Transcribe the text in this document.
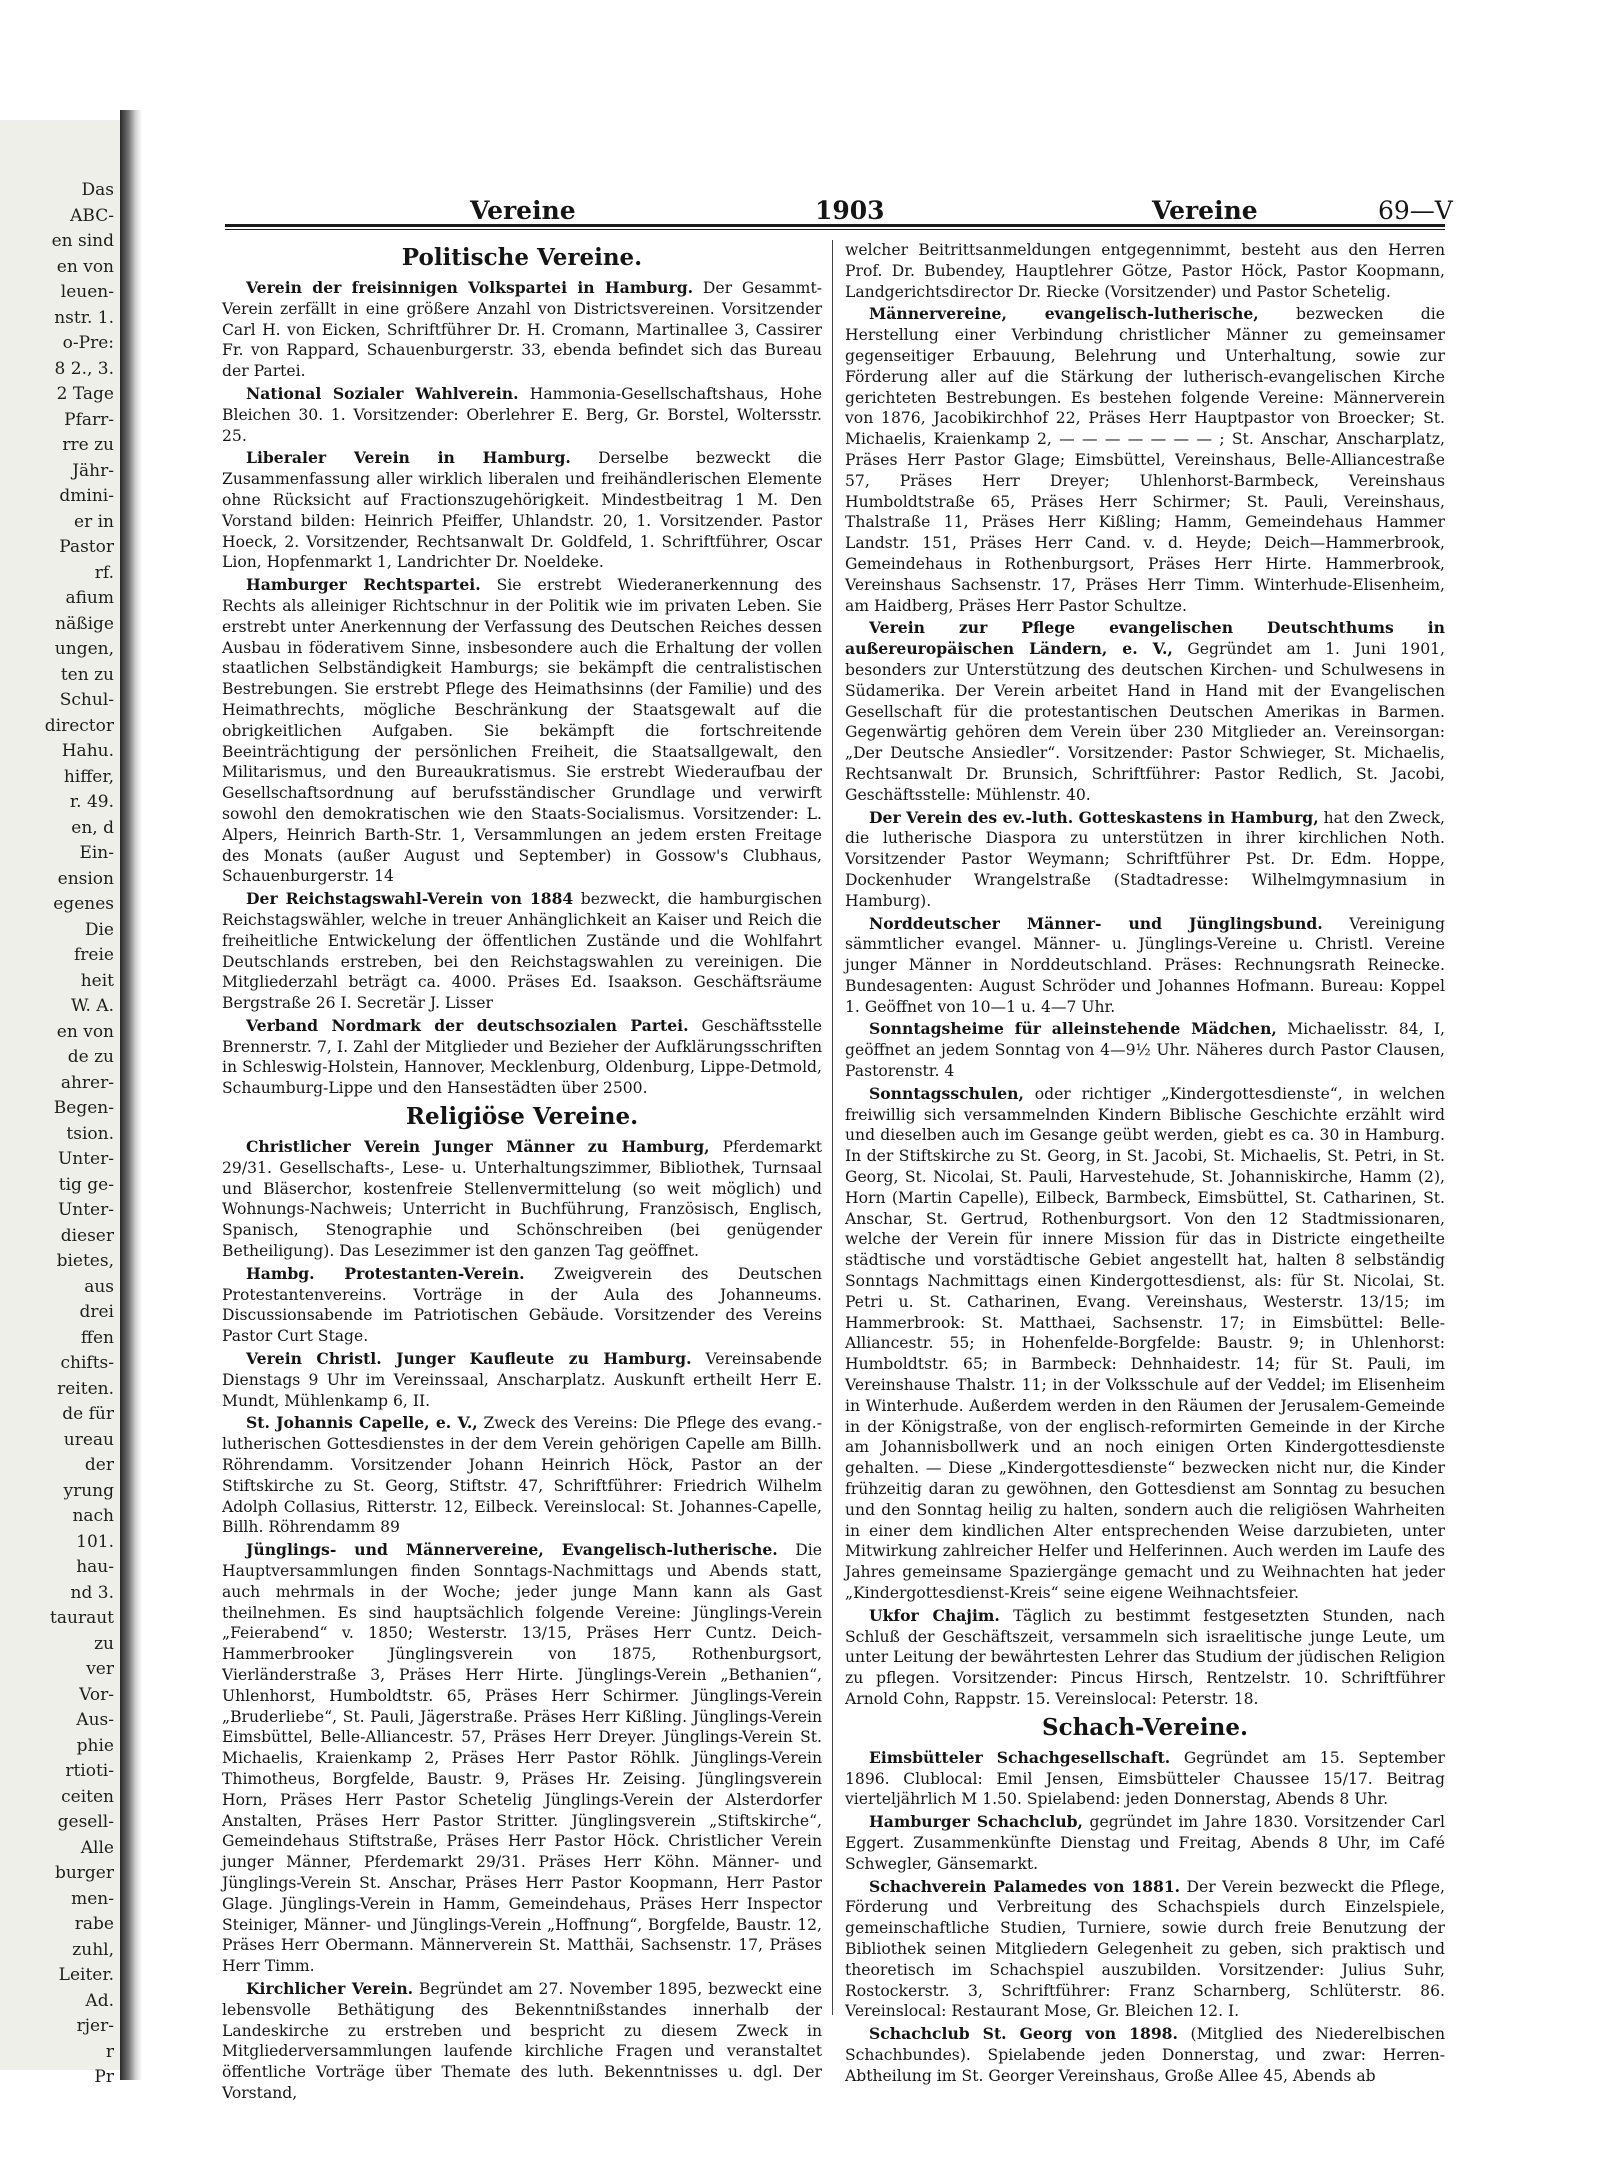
Das
ABC-
en sind
en von
leuen-
nstr. 1.
o-Pre:
8 2., 3.
2 Tage
Pfarr-
rre zu
Jähr-
dmini-
er in
Pastor
rf.
afium
näßige
ungen,
ten zu
Schul-
director
Hahu.
hiffer,
r. 49.
en, d
Ein-
ension
egenes
Die
freie
heit
W. A.
en von
de zu
ahrer-
Begen-
tsion.
Unter-
tig ge-
Unter-
dieser
bietes,
aus
drei
ffen
chifts-
reiten.
de für
ureau
der
yrung
nach
101.
hau-
nd 3.
tauraut
zu
ver
Vor-
Aus-
phie
rtioti-
ceiten
gesell-
Alle
burger
men-
rabe
zuhl,
Leiter.
Ad.
rjer-
r
Pr
Vereine	1903	Vereine	69—V

Politische Vereine.

Verein der freisinnigen Volkspartei in Hamburg. Der Gesammt-Verein zerfällt in eine größere Anzahl von Districtsvereinen. Vorsitzender Carl H. von Eicken, Schriftführer Dr. H. Cromann, Martinallee 3, Cassirer Fr. von Rappard, Schauenburgerstr. 33, ebenda befindet sich das Bureau der Partei.

National Sozialer Wahlverein. Hammonia-Gesellschaftshaus, Hohe Bleichen 30. 1. Vorsitzender: Oberlehrer E. Berg, Gr. Borstel, Woltersstr. 25.

Liberaler Verein in Hamburg. Derselbe bezweckt die Zusammenfassung aller wirklich liberalen und freihändlerischen Elemente ohne Rücksicht auf Fractionszugehörigkeit. Mindestbeitrag 1 M. Den Vorstand bilden: Heinrich Pfeiffer, Uhlandstr. 20, 1. Vorsitzender. Pastor Hoeck, 2. Vorsitzender, Rechtsanwalt Dr. Goldfeld, 1. Schriftführer, Oscar Lion, Hopfenmarkt 1, Landrichter Dr. Noeldeke.

Hamburger Rechtspartei. Sie erstrebt Wiederanerkennung des Rechts als alleiniger Richtschnur in der Politik wie im privaten Leben. Sie erstrebt unter Anerkennung der Verfassung des Deutschen Reiches dessen Ausbau in föderativem Sinne, insbesondere auch die Erhaltung der vollen staatlichen Selbständigkeit Hamburgs; sie bekämpft die centralistischen Bestrebungen. Sie erstrebt Pflege des Heimathsinns (der Familie) und des Heimathrechts, mögliche Beschränkung der Staatsgewalt auf die obrigkeitlichen Aufgaben. Sie bekämpft die fortschreitende Beeinträchtigung der persönlichen Freiheit, die Staatsallgewalt, den Militarismus, und den Bureaukratismus. Sie erstrebt Wiederaufbau der Gesellschaftsordnung auf berufsständischer Grundlage und verwirft sowohl den demokratischen wie den Staats-Socialismus. Vorsitzender: L. Alpers, Heinrich Barth-Str. 1, Versammlungen an jedem ersten Freitage des Monats (außer August und September) in Gossow's Clubhaus, Schauenburgerstr. 14

Der Reichstagswahl-Verein von 1884 bezweckt, die hamburgischen Reichstagswähler, welche in treuer Anhänglichkeit an Kaiser und Reich die freiheitliche Entwickelung der öffentlichen Zustände und die Wohlfahrt Deutschlands erstreben, bei den Reichstagswahlen zu vereinigen. Die Mitgliederzahl beträgt ca. 4000. Präses Ed. Isaakson. Geschäftsräume Bergstraße 26 I. Secretär J. Lisser

Verband Nordmark der deutschsozialen Partei. Geschäftsstelle Brennerstr. 7, I. Zahl der Mitglieder und Bezieher der Aufklärungsschriften in Schleswig-Holstein, Hannover, Mecklenburg, Oldenburg, Lippe-Detmold, Schaumburg-Lippe und den Hansestädten über 2500.

Religiöse Vereine.

Christlicher Verein Junger Männer zu Hamburg, Pferdemarkt 29/31. Gesellschafts-, Lese- u. Unterhaltungszimmer, Bibliothek, Turnsaal und Bläserchor, kostenfreie Stellenvermittelung (so weit möglich) und Wohnungs-Nachweis; Unterricht in Buchführung, Französisch, Englisch, Spanisch, Stenographie und Schönschreiben (bei genügender Betheiligung). Das Lesezimmer ist den ganzen Tag geöffnet.

Hambg. Protestanten-Verein. Zweigverein des Deutschen Protestantenvereins. Vorträge in der Aula des Johanneums. Discussionsabende im Patriotischen Gebäude. Vorsitzender des Vereins Pastor Curt Stage.

Verein Christl. Junger Kaufleute zu Hamburg. Vereinsabende Dienstags 9 Uhr im Vereinssaal, Anscharplatz. Auskunft ertheilt Herr E. Mundt, Mühlenkamp 6, II.

St. Johannis Capelle, e. V., Zweck des Vereins: Die Pflege des evang.-lutherischen Gottesdienstes in der dem Verein gehörigen Capelle am Billh. Röhrendamm. Vorsitzender Johann Heinrich Höck, Pastor an der Stiftskirche zu St. Georg, Stiftstr. 47, Schriftführer: Friedrich Wilhelm Adolph Collasius, Ritterstr. 12, Eilbeck. Vereinslocal: St. Johannes-Capelle, Billh. Röhrendamm 89

Jünglings- und Männervereine, Evangelisch-lutherische. Die Hauptversammlungen finden Sonntags-Nachmittags und Abends statt, auch mehrmals in der Woche; jeder junge Mann kann als Gast theilnehmen. Es sind hauptsächlich folgende Vereine: Jünglings-Verein „Feierabend“ v. 1850; Westerstr. 13/15, Präses Herr Cuntz. Deich-Hammerbrooker Jünglingsverein von 1875, Rothenburgsort, Vierländerstraße 3, Präses Herr Hirte. Jünglings-Verein „Bethanien“, Uhlenhorst, Humboldtstr. 65, Präses Herr Schirmer. Jünglings-Verein „Bruderliebe“, St. Pauli, Jägerstraße. Präses Herr Kißling. Jünglings-Verein Eimsbüttel, Belle-Alliancestr. 57, Präses Herr Dreyer. Jünglings-Verein St. Michaelis, Kraienkamp 2, Präses Herr Pastor Röhlk. Jünglings-Verein Thimotheus, Borgfelde, Baustr. 9, Präses Hr. Zeising. Jünglingsverein Horn, Präses Herr Pastor Schetelig Jünglings-Verein der Alsterdorfer Anstalten, Präses Herr Pastor Stritter. Jünglingsverein „Stiftskirche“, Gemeindehaus Stiftstraße, Präses Herr Pastor Höck. Christlicher Verein junger Männer, Pferdemarkt 29/31. Präses Herr Köhn. Männer- und Jünglings-Verein St. Anschar, Präses Herr Pastor Koopmann, Herr Pastor Glage. Jünglings-Verein in Hamm, Gemeindehaus, Präses Herr Inspector Steiniger, Männer- und Jünglings-Verein „Hoffnung“, Borgfelde, Baustr. 12, Präses Herr Obermann. Männerverein St. Matthäi, Sachsenstr. 17, Präses Herr Timm.

Kirchlicher Verein. Begründet am 27. November 1895, bezweckt eine lebensvolle Bethätigung des Bekenntnißstandes innerhalb der Landeskirche zu erstreben und bespricht zu diesem Zweck in Mitgliederversammlungen laufende kirchliche Fragen und veranstaltet öffentliche Vorträge über Themate des luth. Bekenntnisses u. dgl. Der Vorstand,

welcher Beitrittsanmeldungen entgegennimmt, besteht aus den Herren Prof. Dr. Bubendey, Hauptlehrer Götze, Pastor Höck, Pastor Koopmann, Landgerichtsdirector Dr. Riecke (Vorsitzender) und Pastor Schetelig.

Männervereine, evangelisch-lutherische, bezwecken die Herstellung einer Verbindung christlicher Männer zu gemeinsamer gegenseitiger Erbauung, Belehrung und Unterhaltung, sowie zur Förderung aller auf die Stärkung der lutherisch-evangelischen Kirche gerichteten Bestrebungen. Es bestehen folgende Vereine: Männerverein von 1876, Jacobikirchhof 22, Präses Herr Hauptpastor von Broecker; St. Michaelis, Kraienkamp 2, — — — — — — — ; St. Anschar, Anscharplatz, Präses Herr Pastor Glage; Eimsbüttel, Vereinshaus, Belle-Alliancestraße 57, Präses Herr Dreyer; Uhlenhorst-Barmbeck, Vereinshaus Humboldtstraße 65, Präses Herr Schirmer; St. Pauli, Vereinshaus, Thalstraße 11, Präses Herr Kißling; Hamm, Gemeindehaus Hammer Landstr. 151, Präses Herr Cand. v. d. Heyde; Deich—Hammerbrook, Gemeindehaus in Rothenburgsort, Präses Herr Hirte. Hammerbrook, Vereinshaus Sachsenstr. 17, Präses Herr Timm. Winterhude-Elisenheim, am Haidberg, Präses Herr Pastor Schultze.

Verein zur Pflege evangelischen Deutschthums in außereuropäischen Ländern, e. V., Gegründet am 1. Juni 1901, besonders zur Unterstützung des deutschen Kirchen- und Schulwesens in Südamerika. Der Verein arbeitet Hand in Hand mit der Evangelischen Gesellschaft für die protestantischen Deutschen Amerikas in Barmen. Gegenwärtig gehören dem Verein über 230 Mitglieder an. Vereinsorgan: „Der Deutsche Ansiedler“. Vorsitzender: Pastor Schwieger, St. Michaelis, Rechtsanwalt Dr. Brunsich, Schriftführer: Pastor Redlich, St. Jacobi, Geschäftsstelle: Mühlenstr. 40.

Der Verein des ev.-luth. Gotteskastens in Hamburg, hat den Zweck, die lutherische Diaspora zu unterstützen in ihrer kirchlichen Noth. Vorsitzender Pastor Weymann; Schriftführer Pst. Dr. Edm. Hoppe, Dockenhuder Wrangelstraße (Stadtadresse: Wilhelmgymnasium in Hamburg).

Norddeutscher Männer- und Jünglingsbund. Vereinigung sämmtlicher evangel. Männer- u. Jünglings-Vereine u. Christl. Vereine junger Männer in Norddeutschland. Präses: Rechnungsrath Reinecke. Bundesagenten: August Schröder und Johannes Hofmann. Bureau: Koppel 1. Geöffnet von 10—1 u. 4—7 Uhr.

Sonntagsheime für alleinstehende Mädchen, Michaelisstr. 84, I, geöffnet an jedem Sonntag von 4—9½ Uhr. Näheres durch Pastor Clausen, Pastorenstr. 4

Sonntagsschulen, oder richtiger „Kindergottesdienste“, in welchen freiwillig sich versammelnden Kindern Biblische Geschichte erzählt wird und dieselben auch im Gesange geübt werden, giebt es ca. 30 in Hamburg. In der Stiftskirche zu St. Georg, in St. Jacobi, St. Michaelis, St. Petri, in St. Georg, St. Nicolai, St. Pauli, Harvestehude, St. Johanniskirche, Hamm (2), Horn (Martin Capelle), Eilbeck, Barmbeck, Eimsbüttel, St. Catharinen, St. Anschar, St. Gertrud, Rothenburgsort. Von den 12 Stadtmissionaren, welche der Verein für innere Mission für das in Districte eingetheilte städtische und vorstädtische Gebiet angestellt hat, halten 8 selbständig Sonntags Nachmittags einen Kindergottesdienst, als: für St. Nicolai, St. Petri u. St. Catharinen, Evang. Vereinshaus, Westerstr. 13/15; im Hammerbrook: St. Matthaei, Sachsenstr. 17; in Eimsbüttel: Belle-Alliancestr. 55; in Hohenfelde-Borgfelde: Baustr. 9; in Uhlenhorst: Humboldtstr. 65; in Barmbeck: Dehnhaidestr. 14; für St. Pauli, im Vereinshause Thalstr. 11; in der Volksschule auf der Veddel; im Elisenheim in Winterhude. Außerdem werden in den Räumen der Jerusalem-Gemeinde in der Königstraße, von der englisch-reformirten Gemeinde in der Kirche am Johannisbollwerk und an noch einigen Orten Kindergottesdienste gehalten. — Diese „Kindergottesdienste“ bezwecken nicht nur, die Kinder frühzeitig daran zu gewöhnen, den Gottesdienst am Sonntag zu besuchen und den Sonntag heilig zu halten, sondern auch die religiösen Wahrheiten in einer dem kindlichen Alter entsprechenden Weise darzubieten, unter Mitwirkung zahlreicher Helfer und Helferinnen. Auch werden im Laufe des Jahres gemeinsame Spaziergänge gemacht und zu Weihnachten hat jeder „Kindergottesdienst-Kreis“ seine eigene Weihnachtsfeier.

Ukfor Chajim. Täglich zu bestimmt festgesetzten Stunden, nach Schluß der Geschäftszeit, versammeln sich israelitische junge Leute, um unter Leitung der bewährtesten Lehrer das Studium der jüdischen Religion zu pflegen. Vorsitzender: Pincus Hirsch, Rentzelstr. 10. Schriftführer Arnold Cohn, Rappstr. 15. Vereinslocal: Peterstr. 18.

Schach-Vereine.

Eimsbütteler Schachgesellschaft. Gegründet am 15. September 1896. Clublocal: Emil Jensen, Eimsbütteler Chaussee 15/17. Beitrag vierteljährlich M 1.50. Spielabend: jeden Donnerstag, Abends 8 Uhr.

Hamburger Schachclub, gegründet im Jahre 1830. Vorsitzender Carl Eggert. Zusammenkünfte Dienstag und Freitag, Abends 8 Uhr, im Café Schwegler, Gänsemarkt.

Schachverein Palamedes von 1881. Der Verein bezweckt die Pflege, Förderung und Verbreitung des Schachspiels durch Einzelspiele, gemeinschaftliche Studien, Turniere, sowie durch freie Benutzung der Bibliothek seinen Mitgliedern Gelegenheit zu geben, sich praktisch und theoretisch im Schachspiel auszubilden. Vorsitzender: Julius Suhr, Rostockerstr. 3, Schriftführer: Franz Scharnberg, Schlüterstr. 86. Vereinslocal: Restaurant Mose, Gr. Bleichen 12. I.

Schachclub St. Georg von 1898. (Mitglied des Niederelbischen Schachbundes). Spielabende jeden Donnerstag, und zwar: Herren-Abtheilung im St. Georger Vereinshaus, Große Allee 45, Abends ab
